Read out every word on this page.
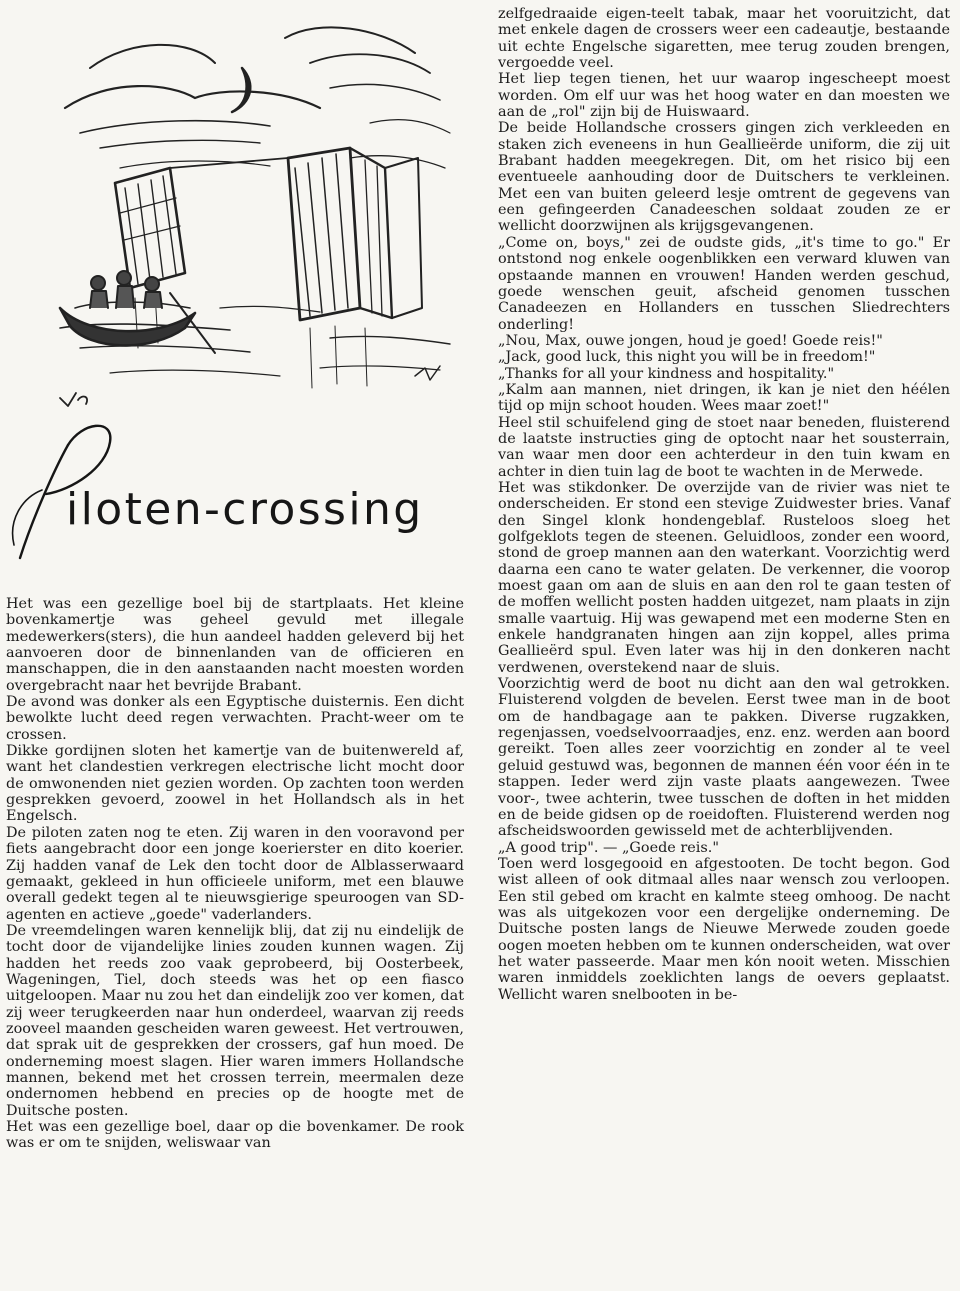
iloten-crossing

Het was een gezellige boel bij de startplaats. Het kleine bovenkamertje was geheel gevuld met illegale medewerkers(sters), die hun aandeel hadden geleverd bij het aanvoeren door de binnenlanden van de officieren en manschappen, die in den aanstaanden nacht moesten worden overgebracht naar het bevrijde Brabant.

De avond was donker als een Egyptische duisternis. Een dicht bewolkte lucht deed regen verwachten. Pracht-weer om te crossen.

Dikke gordijnen sloten het kamertje van de buitenwereld af, want het clandestien verkregen electrische licht mocht door de omwonenden niet gezien worden. Op zachten toon werden gesprekken gevoerd, zoowel in het Hollandsch als in het Engelsch.

De piloten zaten nog te eten. Zij waren in den vooravond per fiets aangebracht door een jonge koerierster en dito koerier. Zij hadden vanaf de Lek den tocht door de Alblasserwaard gemaakt, gekleed in hun officieele uniform, met een blauwe overall gedekt tegen al te nieuwsgierige speuroogen van SD-agenten en actieve „goede" vaderlanders.

De vreemdelingen waren kennelijk blij, dat zij nu eindelijk de tocht door de vijandelijke linies zouden kunnen wagen. Zij hadden het reeds zoo vaak geprobeerd, bij Oosterbeek, Wageningen, Tiel, doch steeds was het op een fiasco uitgeloopen. Maar nu zou het dan eindelijk zoo ver komen, dat zij weer terugkeerden naar hun onderdeel, waarvan zij reeds zooveel maanden gescheiden waren geweest. Het vertrouwen, dat sprak uit de gesprekken der crossers, gaf hun moed. De onderneming moest slagen. Hier waren immers Hollandsche mannen, bekend met het crossen terrein, meermalen deze ondernomen hebbend en precies op de hoogte met de Duitsche posten.

Het was een gezellige boel, daar op die bovenkamer. De rook was er om te snijden, weliswaar van

zelfgedraaide eigen-teelt tabak, maar het vooruitzicht, dat met enkele dagen de crossers weer een cadeautje, bestaande uit echte Engelsche sigaretten, mee terug zouden brengen, vergoedde veel.

Het liep tegen tienen, het uur waarop ingescheept moest worden. Om elf uur was het hoog water en dan moesten we aan de „rol" zijn bij de Huiswaard.

De beide Hollandsche crossers gingen zich verkleeden en staken zich eveneens in hun Geallieërde uniform, die zij uit Brabant hadden meegekregen. Dit, om het risico bij een eventueele aanhouding door de Duitschers te verkleinen. Met een van buiten geleerd lesje omtrent de gegevens van een gefingeerden Canadeeschen soldaat zouden ze er wellicht doorzwijnen als krijgsgevangenen.

„Come on, boys," zei de oudste gids, „it's time to go." Er ontstond nog enkele oogenblikken een verward kluwen van opstaande mannen en vrouwen! Handen werden geschud, goede wenschen geuit, afscheid genomen tusschen Canadeezen en Hollanders en tusschen Sliedrechters onderling!

„Nou, Max, ouwe jongen, houd je goed! Goede reis!"

„Jack, good luck, this night you will be in freedom!"

„Thanks for all your kindness and hospitality."

„Kalm aan mannen, niet dringen, ik kan je niet den héélen tijd op mijn schoot houden. Wees maar zoet!"

Heel stil schuifelend ging de stoet naar beneden, fluisterend de laatste instructies ging de optocht naar het sousterrain, van waar men door een achterdeur in den tuin kwam en achter in dien tuin lag de boot te wachten in de Merwede.

Het was stikdonker. De overzijde van de rivier was niet te onderscheiden. Er stond een stevige Zuidwester bries. Vanaf den Singel klonk hondengeblaf. Rusteloos sloeg het golfgeklots tegen de steenen. Geluidloos, zonder een woord, stond de groep mannen aan den waterkant. Voorzichtig werd daarna een cano te water gelaten. De verkenner, die voorop moest gaan om aan de sluis en aan den rol te gaan testen of de moffen wellicht posten hadden uitgezet, nam plaats in zijn smalle vaartuig. Hij was gewapend met een moderne Sten en enkele handgranaten hingen aan zijn koppel, alles prima Geallieërd spul. Even later was hij in den donkeren nacht verdwenen, overstekend naar de sluis.

Voorzichtig werd de boot nu dicht aan den wal getrokken. Fluisterend volgden de bevelen. Eerst twee man in de boot om de handbagage aan te pakken. Diverse rugzakken, regenjassen, voedselvoorraadjes, enz. enz. werden aan boord gereikt. Toen alles zeer voorzichtig en zonder al te veel geluid gestuwd was, begonnen de mannen één voor één in te stappen. Ieder werd zijn vaste plaats aangewezen. Twee voor-, twee achterin, twee tusschen de doften in het midden en de beide gidsen op de roeidoften. Fluisterend werden nog afscheidswoorden gewisseld met de achterblijvenden.

„A good trip". — „Goede reis."

Toen werd losgegooid en afgestooten. De tocht begon. God wist alleen of ook ditmaal alles naar wensch zou verloopen. Een stil gebed om kracht en kalmte steeg omhoog. De nacht was als uitgekozen voor een dergelijke onderneming. De Duitsche posten langs de Nieuwe Merwede zouden goede oogen moeten hebben om te kunnen onderscheiden, wat over het water passeerde. Maar men kón nooit weten. Misschien waren inmiddels zoeklichten langs de oevers geplaatst. Wellicht waren snelbooten in be-
